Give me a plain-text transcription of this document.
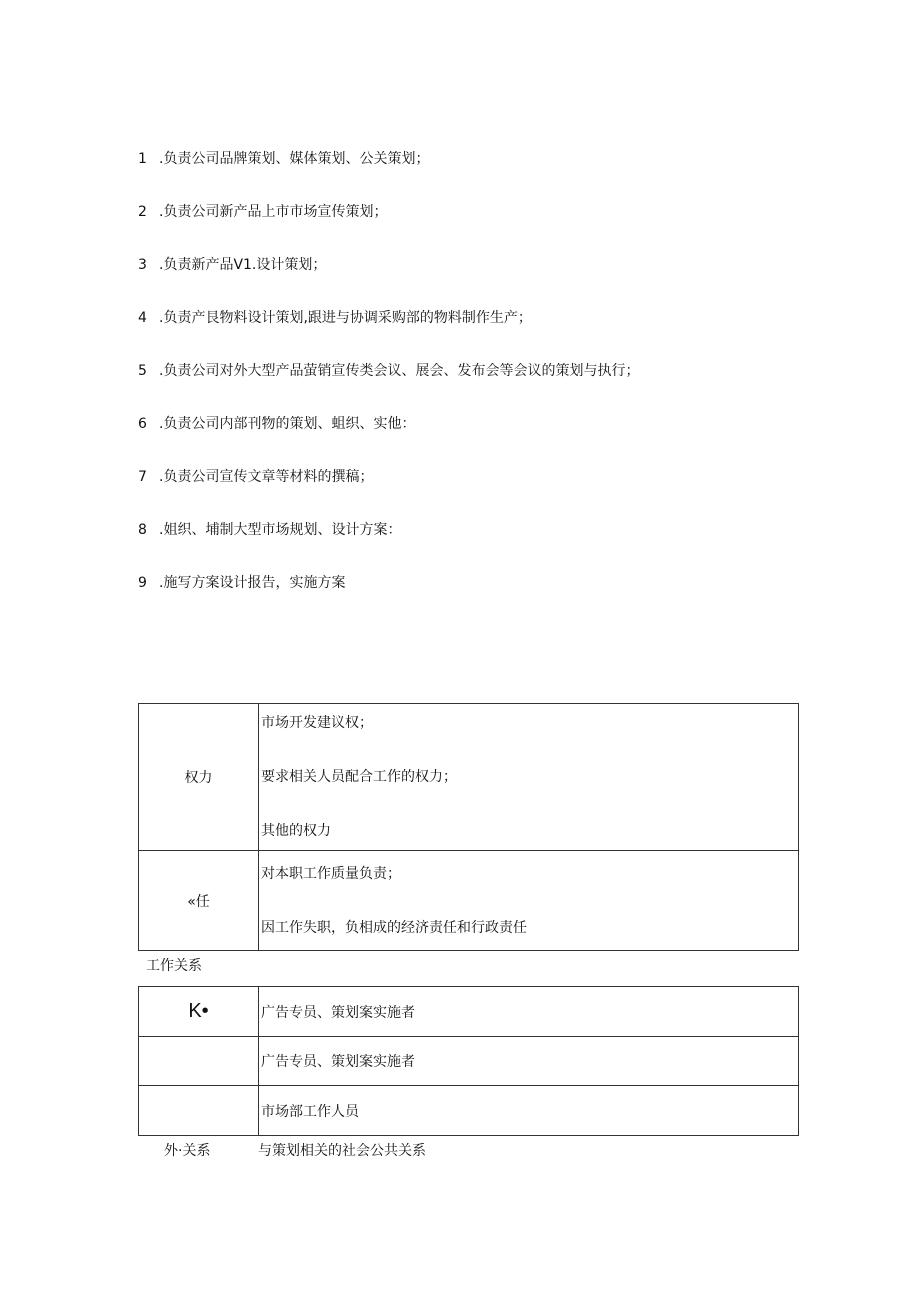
1 .负责公司品牌策划、媒体策划、公关策划；
2 .负责公司新产品上市市场宣传策划；
3 .负责新产品V1.设计策划；
4 .负责产艮物料设计策划,跟进与协调采购部的物料制作生产；
5 .负责公司对外大型产品萤销宣传类会议、展会、发布会等会议的策划与执行；
6 .负责公司内部刊物的策划、蛆织、实他：
7 .负责公司宣传文章等材料的撰稿；
8 .姐织、埔制大型市场规划、设计方案：
9 .施写方案设计报告，实施方案
权力	市场开发建议权；
要求相关人员配合工作的权力；
其他的权力

«任	对本职工作质量负责；
因工作失职，负相成的经济责任和行政责任
工作关系
K•	广告专员、策划案实施者
	广告专员、策划案实施者
	市场部工作人员
外·关系	与策划相关的社会公共关系
